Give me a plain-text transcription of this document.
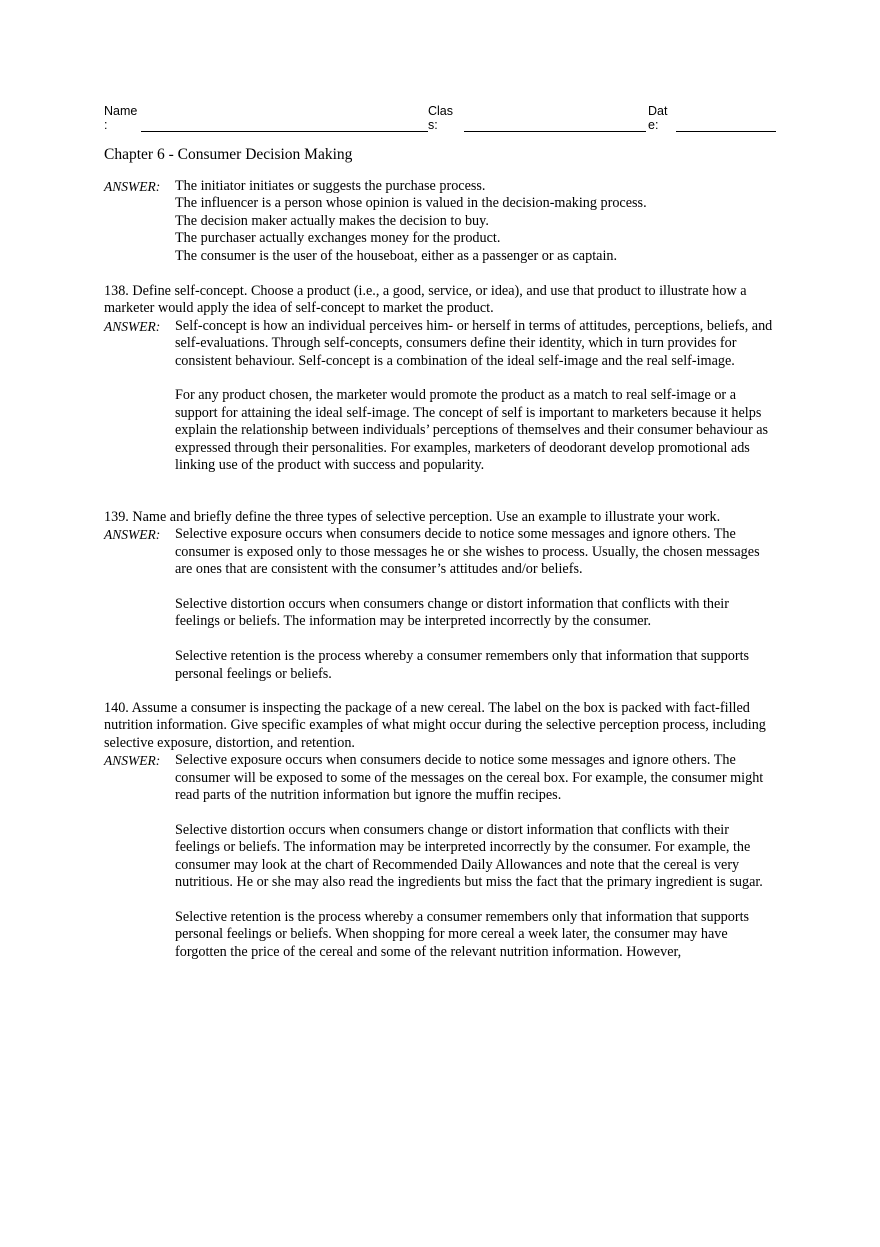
Name
:
Clas
s:
Dat
e:
Chapter 6 - Consumer Decision Making
ANSWER:	The initiator initiates or suggests the purchase process.

The influencer is a person whose opinion is valued in the decision-making process.

The decision maker actually makes the decision to buy.

The purchaser actually exchanges money for the product.

The consumer is the user of the houseboat, either as a passenger or as captain.

138. Define self-concept. Choose a product (i.e., a good, service, or idea), and use that product to illustrate how a marketer would apply the idea of self-concept to market the product.

ANSWER:	Self-concept is how an individual perceives him- or herself in terms of attitudes, perceptions, beliefs, and self-evaluations. Through self-concepts, consumers define their identity, which in turn provides for consistent behaviour. Self-concept is a combination of the ideal self-image and the real self-image.

For any product chosen, the marketer would promote the product as a match to real self-image or a support for attaining the ideal self-image. The concept of self is important to marketers because it helps explain the relationship between individuals’ perceptions of themselves and their consumer behaviour as expressed through their personalities. For examples, marketers of deodorant develop promotional ads linking use of the product with success and popularity.

139. Name and briefly define the three types of selective perception. Use an example to illustrate your work.

ANSWER:	Selective exposure occurs when consumers decide to notice some messages and ignore others. The consumer is exposed only to those messages he or she wishes to process. Usually, the chosen messages are ones that are consistent with the consumer’s attitudes and/or beliefs.

Selective distortion occurs when consumers change or distort information that conflicts with their feelings or beliefs. The information may be interpreted incorrectly by the consumer.

Selective retention is the process whereby a consumer remembers only that information that supports personal feelings or beliefs.

140. Assume a consumer is inspecting the package of a new cereal. The label on the box is packed with fact-filled nutrition information. Give specific examples of what might occur during the selective perception process, including selective exposure, distortion, and retention.

ANSWER:	Selective exposure occurs when consumers decide to notice some messages and ignore others. The consumer will be exposed to some of the messages on the cereal box. For example, the consumer might read parts of the nutrition information but ignore the muffin recipes.

Selective distortion occurs when consumers change or distort information that conflicts with their feelings or beliefs. The information may be interpreted incorrectly by the consumer. For example, the consumer may look at the chart of Recommended Daily Allowances and note that the cereal is very nutritious. He or she may also read the ingredients but miss the fact that the primary ingredient is sugar.

Selective retention is the process whereby a consumer remembers only that information that supports personal feelings or beliefs. When shopping for more cereal a week later, the consumer may have forgotten the price of the cereal and some of the relevant nutrition information. However,
